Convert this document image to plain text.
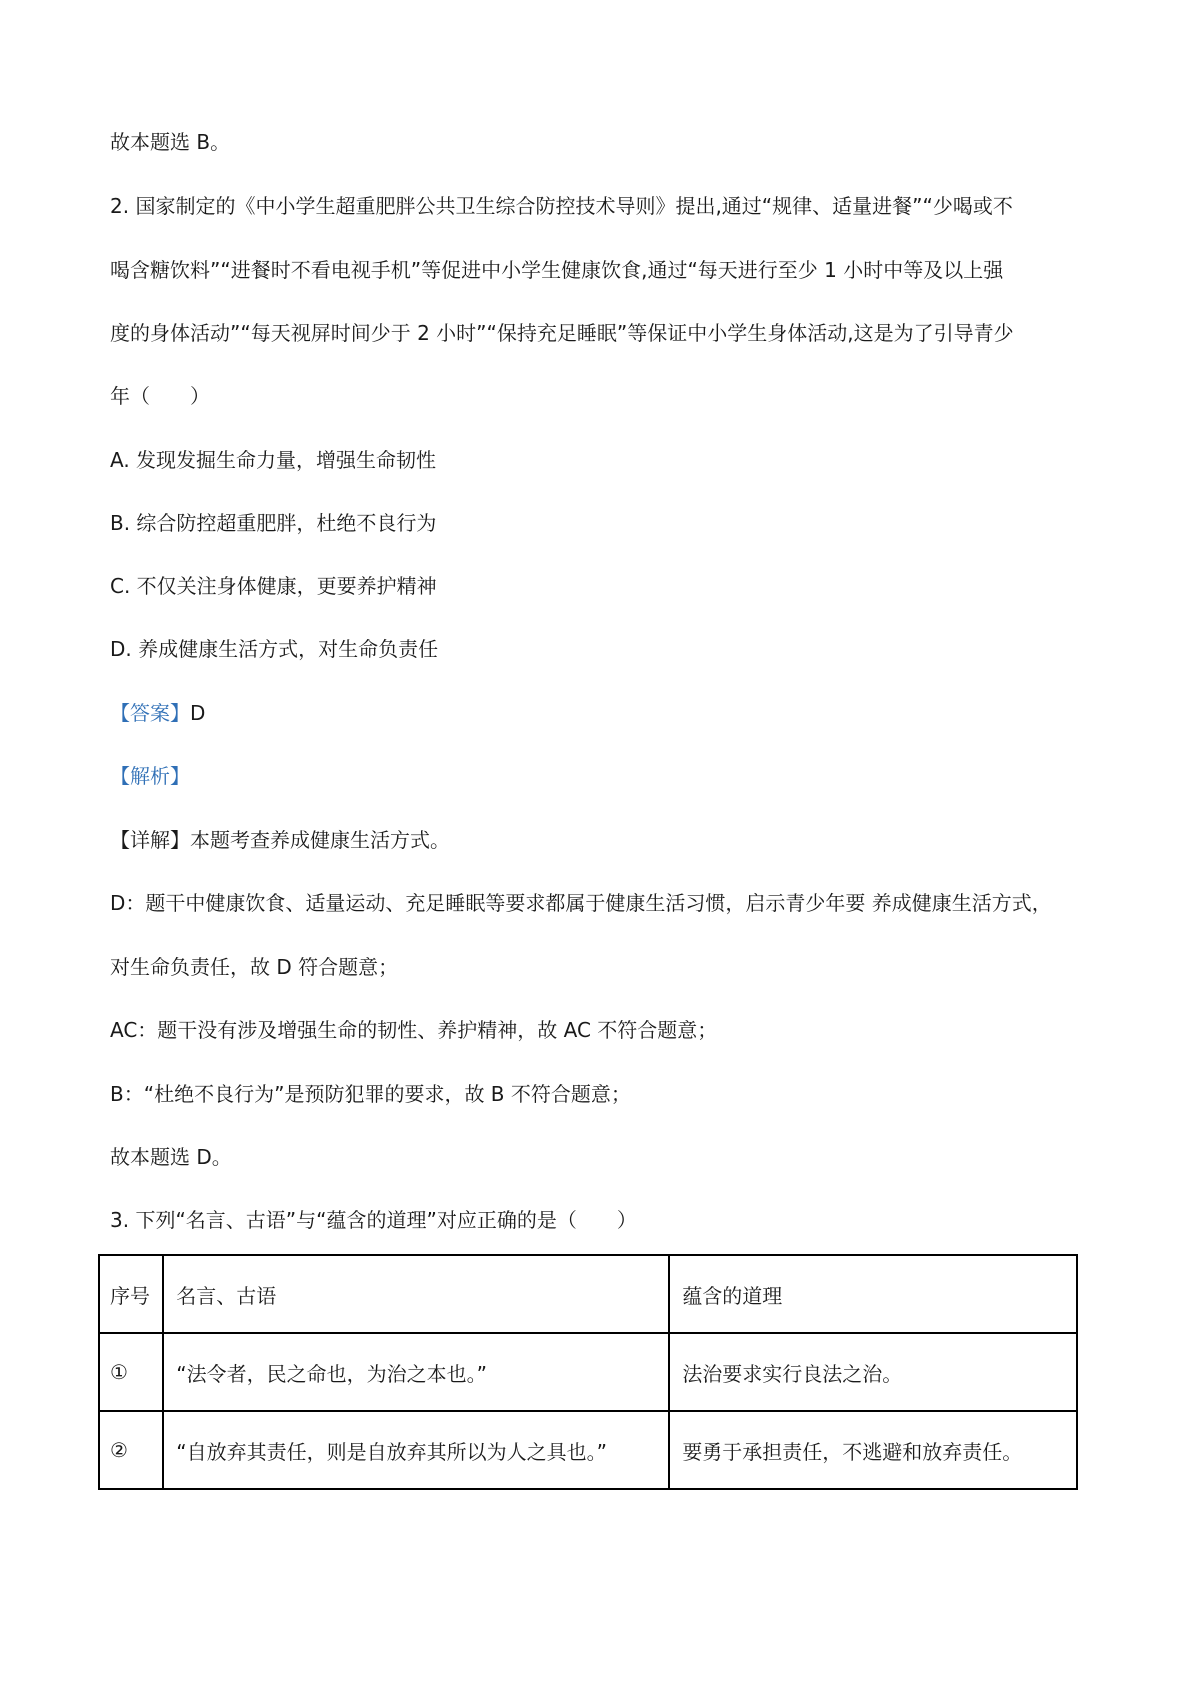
故本题选 B。
2. 国家制定的《中小学生超重肥胖公共卫生综合防控技术导则》提出,通过“规律、适量进餐”“少喝或不
喝含糖饮料”“进餐时不看电视手机”等促进中小学生健康饮食,通过“每天进行至少 1 小时中等及以上强
度的身体活动”“每天视屏时间少于 2 小时”“保持充足睡眠”等保证中小学生身体活动,这是为了引导青少
年（　　）
A. 发现发掘生命力量，增强生命韧性
B. 综合防控超重肥胖，杜绝不良行为
C. 不仅关注身体健康，更要养护精神
D. 养成健康生活方式，对生命负责任
【答案】D
【解析】
【详解】本题考查养成健康生活方式。
D：题干中健康饮食、适量运动、充足睡眠等要求都属于健康生活习惯，启示青少年要 养成健康生活方式，
对生命负责任，故 D 符合题意；
AC：题干没有涉及增强生命的韧性、养护精神，故 AC 不符合题意；
B：“杜绝不良行为”是预防犯罪的要求，故 B 不符合题意；
故本题选 D。
3. 下列“名言、古语”与“蕴含的道理”对应正确的是（　　）
序号	名言、古语	蕴含的道理
①	“法令者，民之命也，为治之本也。”	法治要求实行良法之治。
②	“自放弃其责任，则是自放弃其所以为人之具也。”	要勇于承担责任，不逃避和放弃责任。
